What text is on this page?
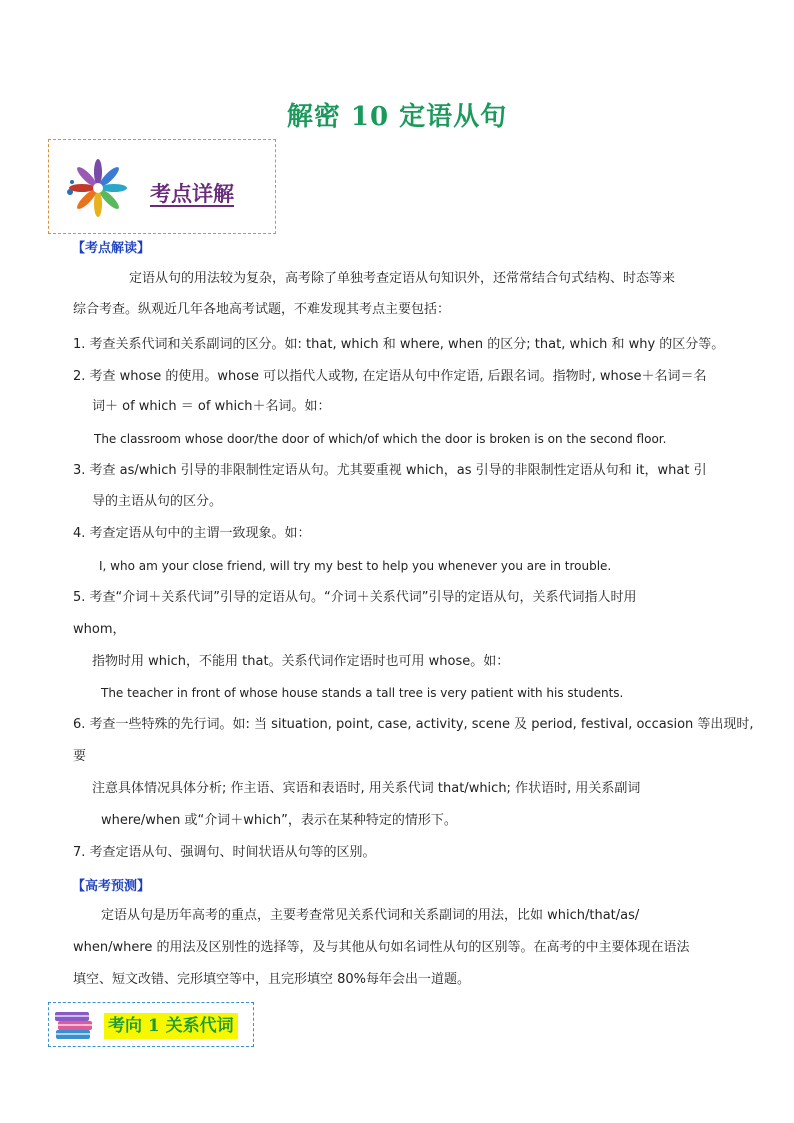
解密 10 定语从句
考点详解
【考点解读】
定语从句的用法较为复杂，高考除了单独考查定语从句知识外，还常常结合句式结构、时态等来
综合考查。纵观近几年各地高考试题，不难发现其考点主要包括：
1. 考查关系代词和关系副词的区分。如: that, which 和 where, when 的区分; that, which 和 why 的区分等。
2. 考查 whose 的使用。whose 可以指代人或物, 在定语从句中作定语, 后跟名词。指物时, whose＋名词＝名
词＋ of which ＝ of which＋名词。如：
The classroom whose door/the door of which/of which the door is broken is on the second floor.
3. 考查 as/which 引导的非限制性定语从句。尤其要重视 which，as 引导的非限制性定语从句和 it，what 引
导的主语从句的区分。
4. 考查定语从句中的主谓一致现象。如：
I, who am your close friend, will try my best to help you whenever you are in trouble.
5. 考查“介词＋关系代词”引导的定语从句。“介词＋关系代词”引导的定语从句，关系代词指人时用
whom，
指物时用 which，不能用 that。关系代词作定语时也可用 whose。如：
The teacher in front of whose house stands a tall tree is very patient with his students.
6. 考查一些特殊的先行词。如: 当 situation, point, case, activity, scene 及 period, festival, occasion 等出现时,
要
注意具体情况具体分析; 作主语、宾语和表语时, 用关系代词 that/which; 作状语时, 用关系副词
where/when 或“介词＋which”，表示在某种特定的情形下。
7. 考查定语从句、强调句、时间状语从句等的区别。
【高考预测】
定语从句是历年高考的重点，主要考查常见关系代词和关系副词的用法，比如 which/that/as/
when/where 的用法及区别性的选择等，及与其他从句如名词性从句的区别等。在高考的中主要体现在语法
填空、短文改错、完形填空等中，且完形填空 80%每年会出一道题。
考向 1 关系代词
